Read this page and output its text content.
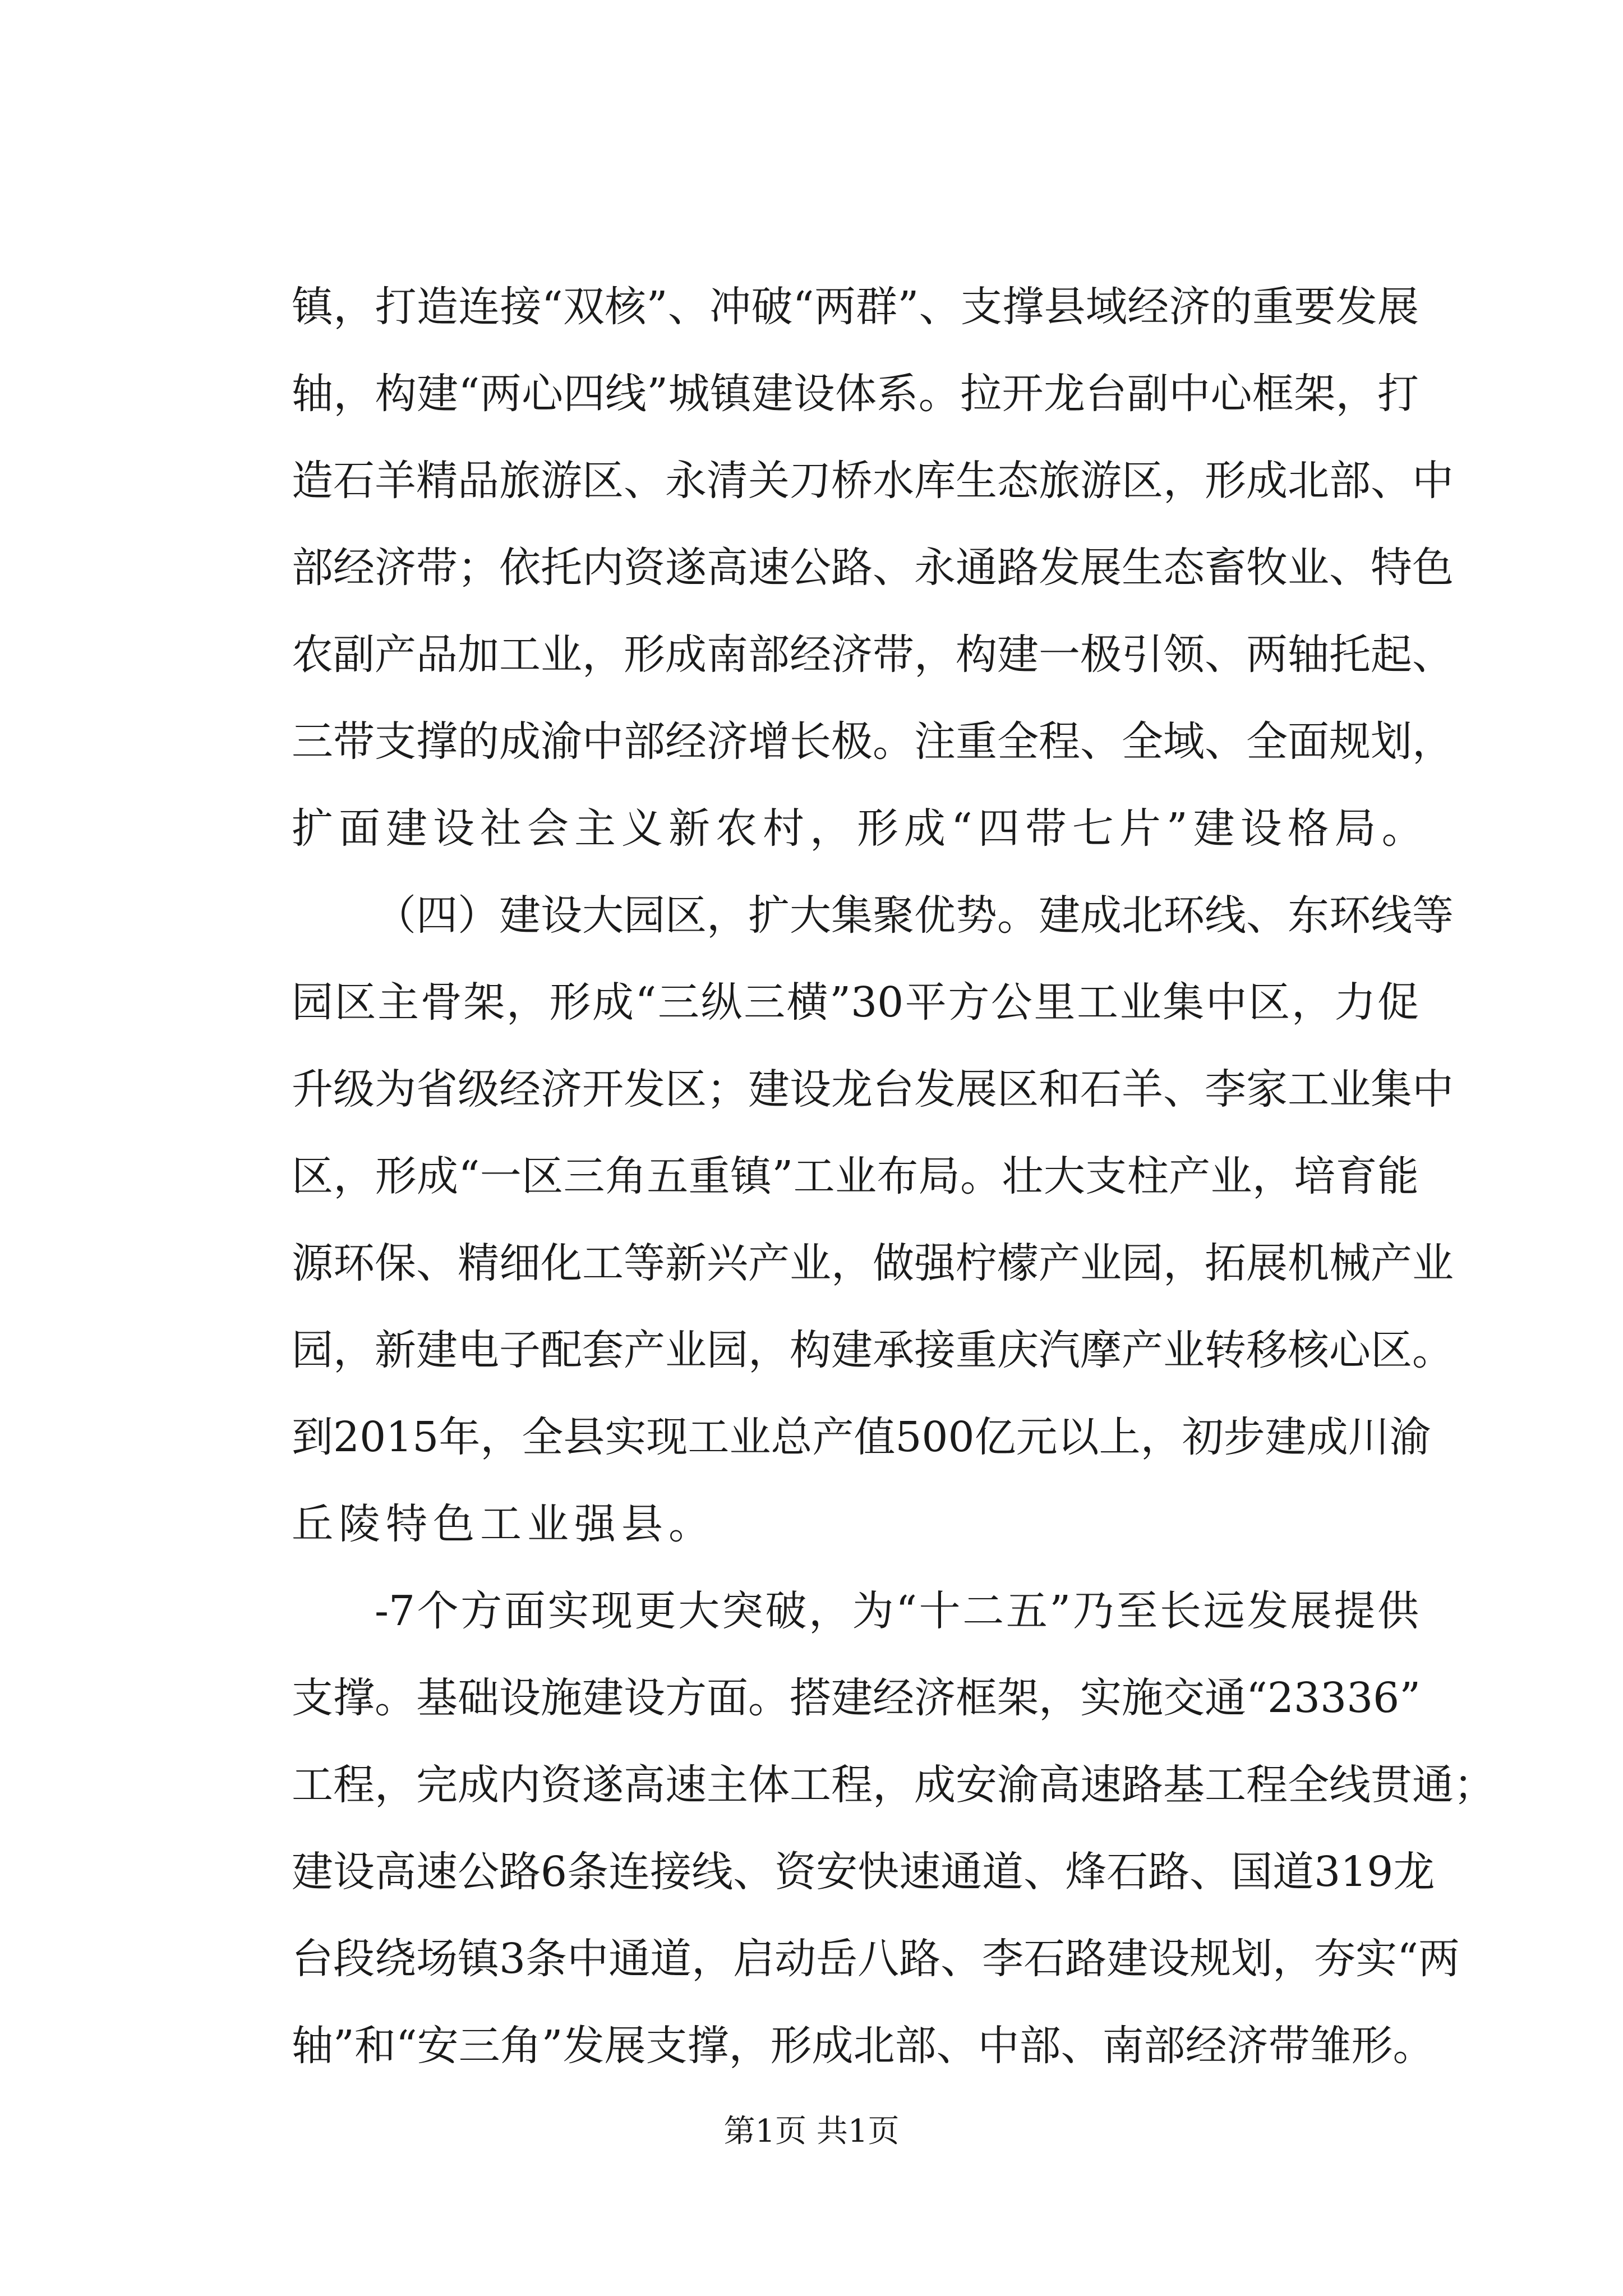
镇，打造连接“双核”、冲破“两群”、支撑县域经济的重要发展
轴，构建“两心四线”城镇建设体系。拉开龙台副中心框架，打
造石羊精品旅游区、永清关刀桥水库生态旅游区，形成北部、中
部经济带；依托内资遂高速公路、永通路发展生态畜牧业、特色
农副产品加工业，形成南部经济带，构建一极引领、两轴托起、
三带支撑的成渝中部经济增长极。注重全程、全域、全面规划，
扩面建设社会主义新农村，形成“四带七片”建设格局。
（四）建设大园区，扩大集聚优势。建成北环线、东环线等
园区主骨架，形成“三纵三横”30平方公里工业集中区，力促
升级为省级经济开发区；建设龙台发展区和石羊、李家工业集中
区，形成“一区三角五重镇”工业布局。壮大支柱产业，培育能
源环保、精细化工等新兴产业，做强柠檬产业园，拓展机械产业
园，新建电子配套产业园，构建承接重庆汽摩产业转移核心区。
到2015年，全县实现工业总产值500亿元以上，初步建成川渝
丘陵特色工业强县。
-7个方面实现更大突破，为“十二五”乃至长远发展提供
支撑。基础设施建设方面。搭建经济框架，实施交通“23336”
工程，完成内资遂高速主体工程，成安渝高速路基工程全线贯通；
建设高速公路6条连接线、资安快速通道、烽石路、国道319龙
台段绕场镇3条中通道，启动岳八路、李石路建设规划，夯实“两
轴”和“安三角”发展支撑，形成北部、中部、南部经济带雏形。
第1页 共1页
